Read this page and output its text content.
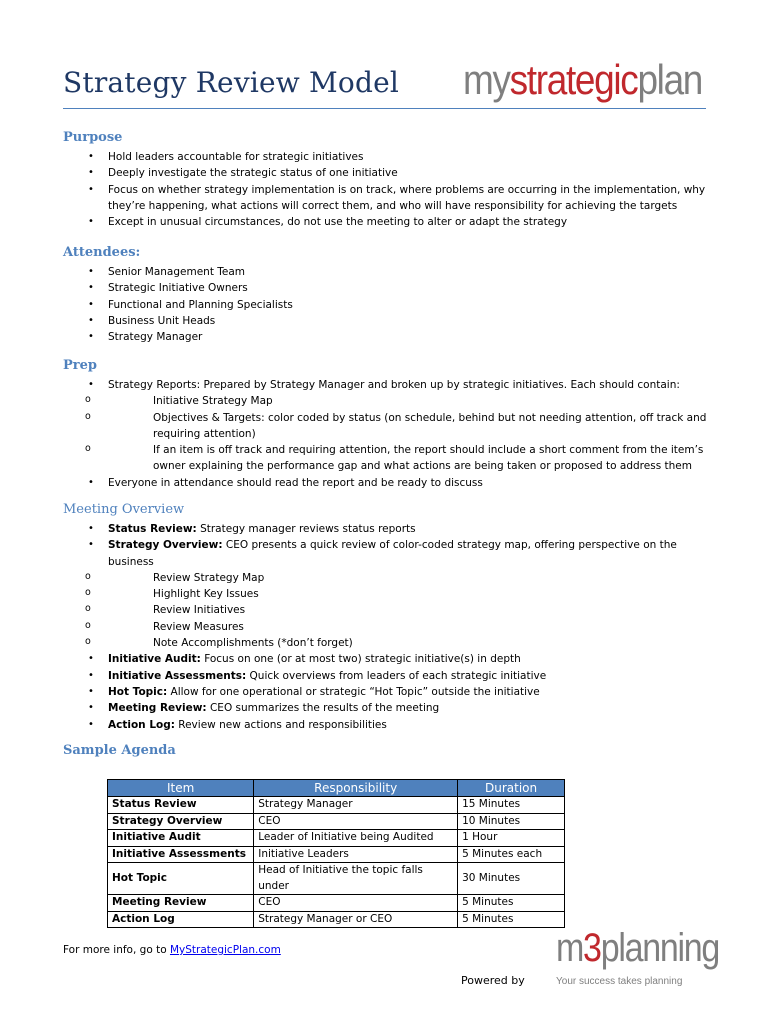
Strategy Review Model mystrategicplan
Purpose
• Hold leaders accountable for strategic initiatives
• Deeply investigate the strategic status of one initiative
• Focus on whether strategy implementation is on track, where problems are occurring in the implementation, why they’re happening, what actions will correct them, and who will have responsibility for achieving the targets
• Except in unusual circumstances, do not use the meeting to alter or adapt the strategy
Attendees:
• Senior Management Team
• Strategic Initiative Owners
• Functional and Planning Specialists
• Business Unit Heads
• Strategy Manager
Prep
• Strategy Reports: Prepared by Strategy Manager and broken up by strategic initiatives. Each should contain:
o Initiative Strategy Map
o Objectives & Targets: color coded by status (on schedule, behind but not needing attention, off track and requiring attention)
o If an item is off track and requiring attention, the report should include a short comment from the item’s owner explaining the performance gap and what actions are being taken or proposed to address them
• Everyone in attendance should read the report and be ready to discuss
Meeting Overview
• Status Review: Strategy manager reviews status reports
• Strategy Overview: CEO presents a quick review of color-coded strategy map, offering perspective on the business
o Review Strategy Map
o Highlight Key Issues
o Review Initiatives
o Review Measures
o Note Accomplishments (*don’t forget)
• Initiative Audit: Focus on one (or at most two) strategic initiative(s) in depth
• Initiative Assessments: Quick overviews from leaders of each strategic initiative
• Hot Topic: Allow for one operational or strategic “Hot Topic” outside the initiative
• Meeting Review: CEO summarizes the results of the meeting
• Action Log: Review new actions and responsibilities
Sample Agenda
Item	Responsibility	Duration
Status Review	Strategy Manager	15 Minutes
Strategy Overview	CEO	10 Minutes
Initiative Audit	Leader of Initiative being Audited	1 Hour
Initiative Assessments	Initiative Leaders	5 Minutes each
Hot Topic	Head of Initiative the topic falls under	30 Minutes
Meeting Review	CEO	5 Minutes
Action Log	Strategy Manager or CEO	5 Minutes
For more info, go to MyStrategicPlan.com
Powered by
m3planning
Your success takes planning
